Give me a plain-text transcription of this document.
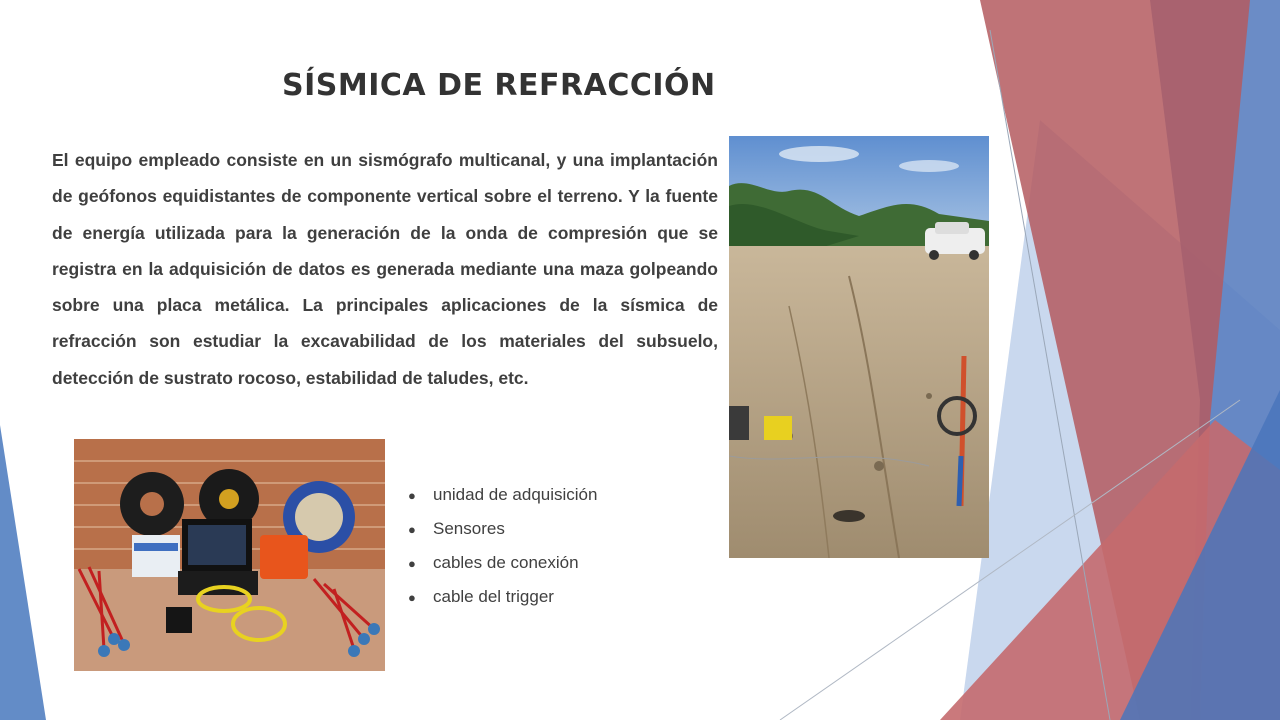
SÍSMICA DE REFRACCIÓN
El equipo empleado consiste en un sismógrafo multicanal, y una implantación de geófonos equidistantes de componente vertical sobre el terreno. Y la fuente de energía utilizada para la generación de la onda de compresión que se registra en la adquisición de datos es generada mediante una maza golpeando sobre una placa metálica. La principales aplicaciones de la sísmica de refracción son estudiar la excavabilidad de los materiales del subsuelo, detección de sustrato rocoso, estabilidad de taludes, etc.
● unidad de adquisición
● Sensores
● cables de conexión
● cable del trigger
